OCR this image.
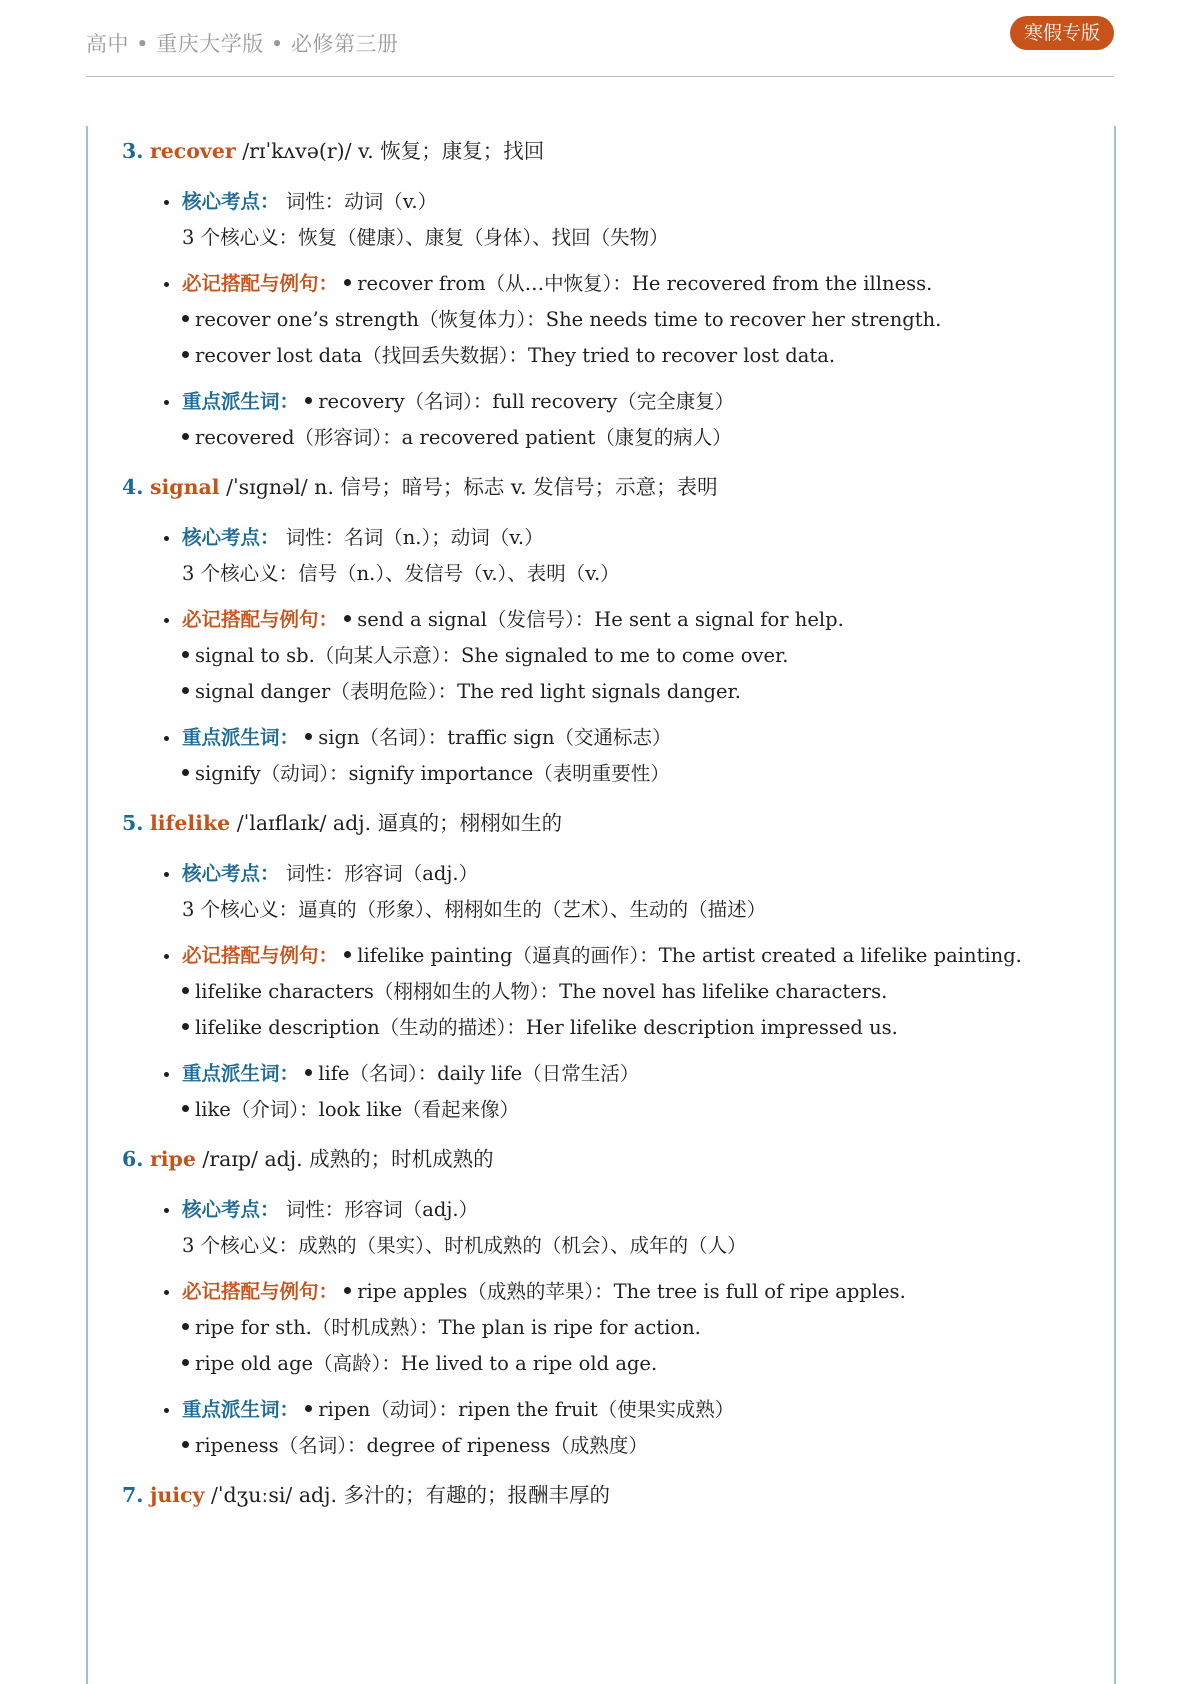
高中 • 重庆大学版 • 必修第三册	寒假专版
3. recover /rɪˈkʌvə(r)/ v. 恢复；康复；找回
核心考点： 词性：动词（v.）
3 个核心义：恢复（健康）、康复（身体）、找回（失物）
必记搭配与例句： recover from（从…中恢复）：He recovered from the illness.
recover one’s strength（恢复体力）：She needs time to recover her strength.
recover lost data（找回丢失数据）：They tried to recover lost data.
重点派生词： recovery（名词）：full recovery（完全康复）
recovered（形容词）：a recovered patient（康复的病人）
4. signal /ˈsɪɡnəl/ n. 信号；暗号；标志 v. 发信号；示意；表明
核心考点： 词性：名词（n.）；动词（v.）
3 个核心义：信号（n.）、发信号（v.）、表明（v.）
必记搭配与例句： send a signal（发信号）：He sent a signal for help.
signal to sb.（向某人示意）：She signaled to me to come over.
signal danger（表明危险）：The red light signals danger.
重点派生词： sign（名词）：traffic sign（交通标志）
signify（动词）：signify importance（表明重要性）
5. lifelike /ˈlaɪflaɪk/ adj. 逼真的；栩栩如生的
核心考点： 词性：形容词（adj.）
3 个核心义：逼真的（形象）、栩栩如生的（艺术）、生动的（描述）
必记搭配与例句： lifelike painting（逼真的画作）：The artist created a lifelike painting.
lifelike characters（栩栩如生的人物）：The novel has lifelike characters.
lifelike description（生动的描述）：Her lifelike description impressed us.
重点派生词： life（名词）：daily life（日常生活）
like（介词）：look like（看起来像）
6. ripe /raɪp/ adj. 成熟的；时机成熟的
核心考点： 词性：形容词（adj.）
3 个核心义：成熟的（果实）、时机成熟的（机会）、成年的（人）
必记搭配与例句： ripe apples（成熟的苹果）：The tree is full of ripe apples.
ripe for sth.（时机成熟）：The plan is ripe for action.
ripe old age（高龄）：He lived to a ripe old age.
重点派生词： ripen（动词）：ripen the fruit（使果实成熟）
ripeness（名词）：degree of ripeness（成熟度）
7. juicy /ˈdʒuːsi/ adj. 多汁的；有趣的；报酬丰厚的
